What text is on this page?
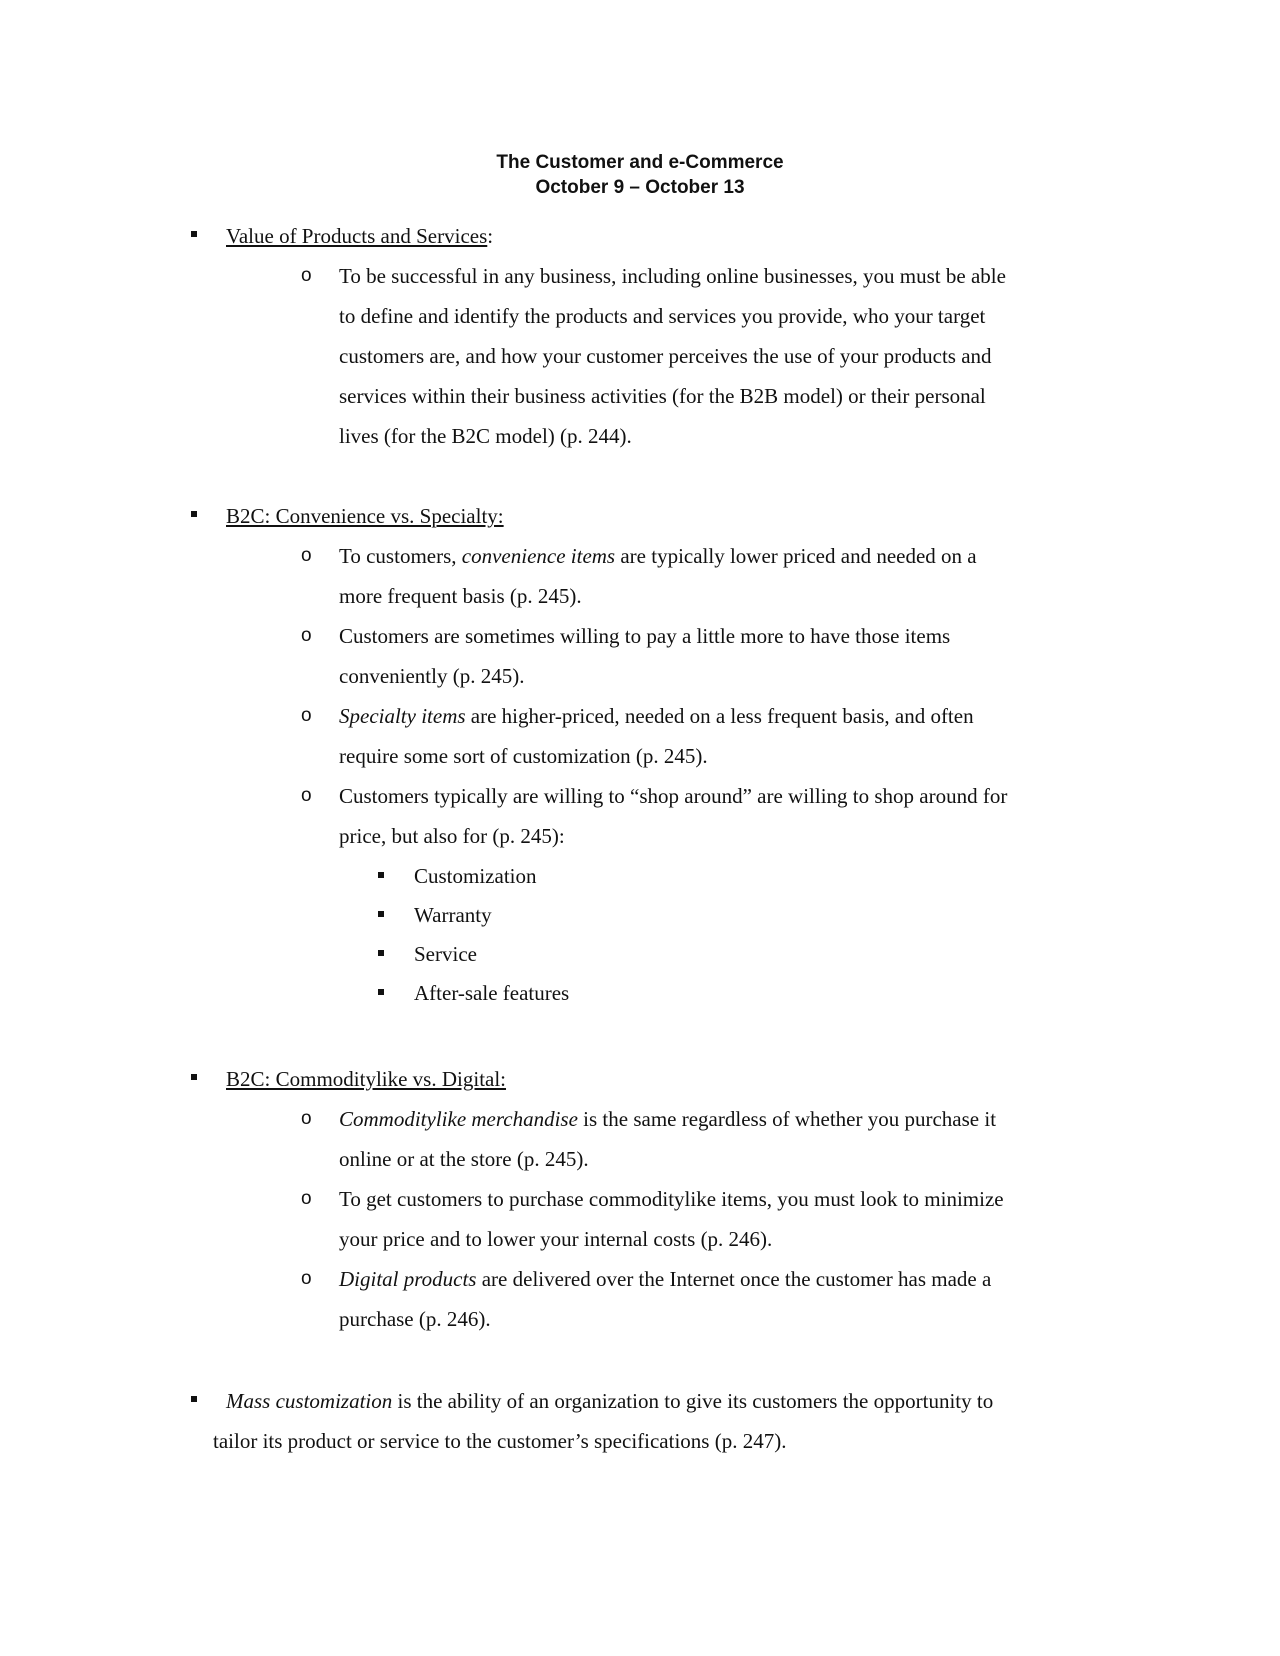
The Customer and e-Commerce
October 9 – October 13
Value of Products and Services:
o To be successful in any business, including online businesses, you must be able
to define and identify the products and services you provide, who your target
customers are, and how your customer perceives the use of your products and
services within their business activities (for the B2B model) or their personal
lives (for the B2C model) (p. 244).
B2C: Convenience vs. Specialty:
o To customers, convenience items are typically lower priced and needed on a
more frequent basis (p. 245).
o Customers are sometimes willing to pay a little more to have those items
conveniently (p. 245).
o Specialty items are higher-priced, needed on a less frequent basis, and often
require some sort of customization (p. 245).
o Customers typically are willing to “shop around” are willing to shop around for
price, but also for (p. 245):
Customization
Warranty
Service
After-sale features
B2C: Commoditylike vs. Digital:
o Commoditylike merchandise is the same regardless of whether you purchase it
online or at the store (p. 245).
o To get customers to purchase commoditylike items, you must look to minimize
your price and to lower your internal costs (p. 246).
o Digital products are delivered over the Internet once the customer has made a
purchase (p. 246).
Mass customization is the ability of an organization to give its customers the opportunity to
tailor its product or service to the customer’s specifications (p. 247).
